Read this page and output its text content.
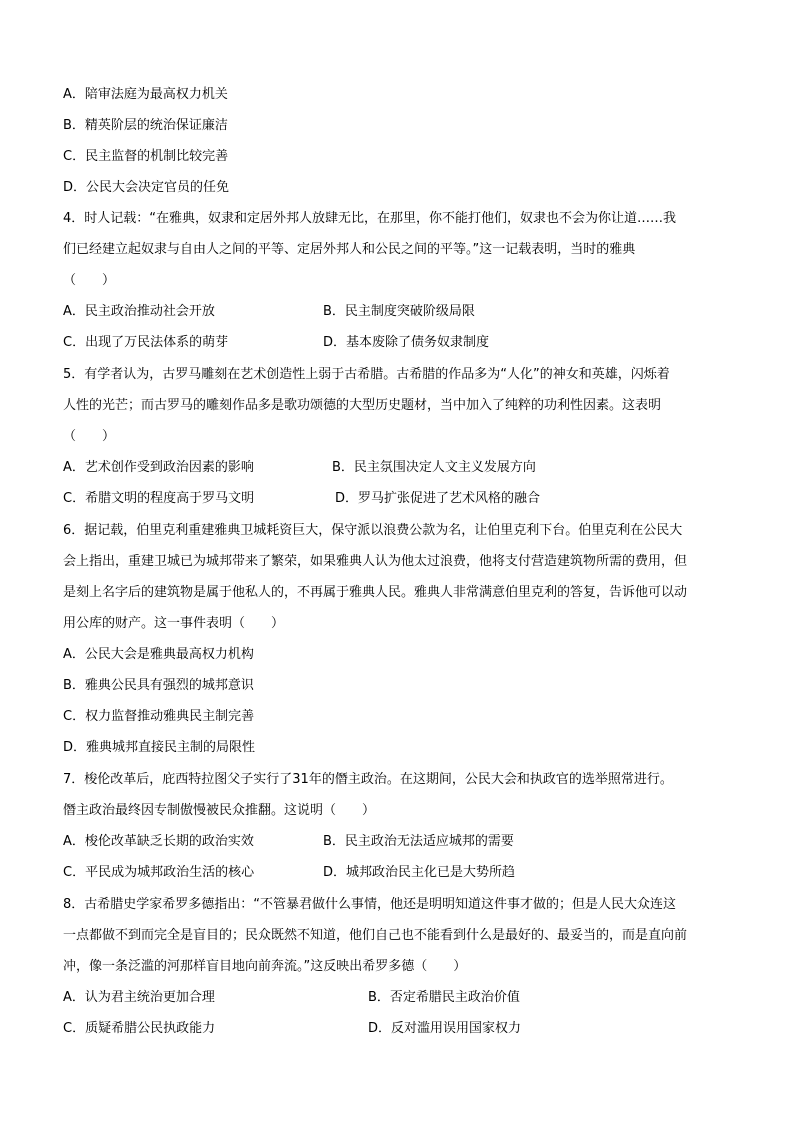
A．陪审法庭为最高权力机关
B．精英阶层的统治保证廉洁
C．民主监督的机制比较完善
D．公民大会决定官员的任免
4．时人记载：“在雅典，奴隶和定居外邦人放肆无比，在那里，你不能打他们，奴隶也不会为你让道……我
们已经建立起奴隶与自由人之间的平等、定居外邦人和公民之间的平等。”这一记载表明，当时的雅典
（　　）
A．民主政治推动社会开放	B．民主制度突破阶级局限
C．出现了万民法体系的萌芽	D．基本废除了债务奴隶制度
5．有学者认为，古罗马雕刻在艺术创造性上弱于古希腊。古希腊的作品多为“人化”的神女和英雄，闪烁着
人性的光芒；而古罗马的雕刻作品多是歌功颂德的大型历史题材，当中加入了纯粹的功利性因素。这表明
（　　）
A．艺术创作受到政治因素的影响	B．民主氛围决定人文主义发展方向
C．希腊文明的程度高于罗马文明	D．罗马扩张促进了艺术风格的融合
6．据记载，伯里克利重建雅典卫城耗资巨大，保守派以浪费公款为名，让伯里克利下台。伯里克利在公民大
会上指出，重建卫城已为城邦带来了繁荣，如果雅典人认为他太过浪费，他将支付营造建筑物所需的费用，但
是刻上名字后的建筑物是属于他私人的，不再属于雅典人民。雅典人非常满意伯里克利的答复，告诉他可以动
用公库的财产。这一事件表明（　　）
A．公民大会是雅典最高权力机构
B．雅典公民具有强烈的城邦意识
C．权力监督推动雅典民主制完善
D．雅典城邦直接民主制的局限性
7．梭伦改革后，庇西特拉图父子实行了31年的僭主政治。在这期间，公民大会和执政官的选举照常进行。
僭主政治最终因专制傲慢被民众推翻。这说明（　　）
A．梭伦改革缺乏长期的政治实效	B．民主政治无法适应城邦的需要
C．平民成为城邦政治生活的核心	D．城邦政治民主化已是大势所趋
8．古希腊史学家希罗多德指出：“不管暴君做什么事情，他还是明明知道这件事才做的；但是人民大众连这
一点都做不到而完全是盲目的；民众既然不知道，他们自己也不能看到什么是最好的、最妥当的，而是直向前
冲，像一条泛滥的河那样盲目地向前奔流。”这反映出希罗多德（　　）
A．认为君主统治更加合理	B．否定希腊民主政治价值
C．质疑希腊公民执政能力	D．反对滥用误用国家权力
